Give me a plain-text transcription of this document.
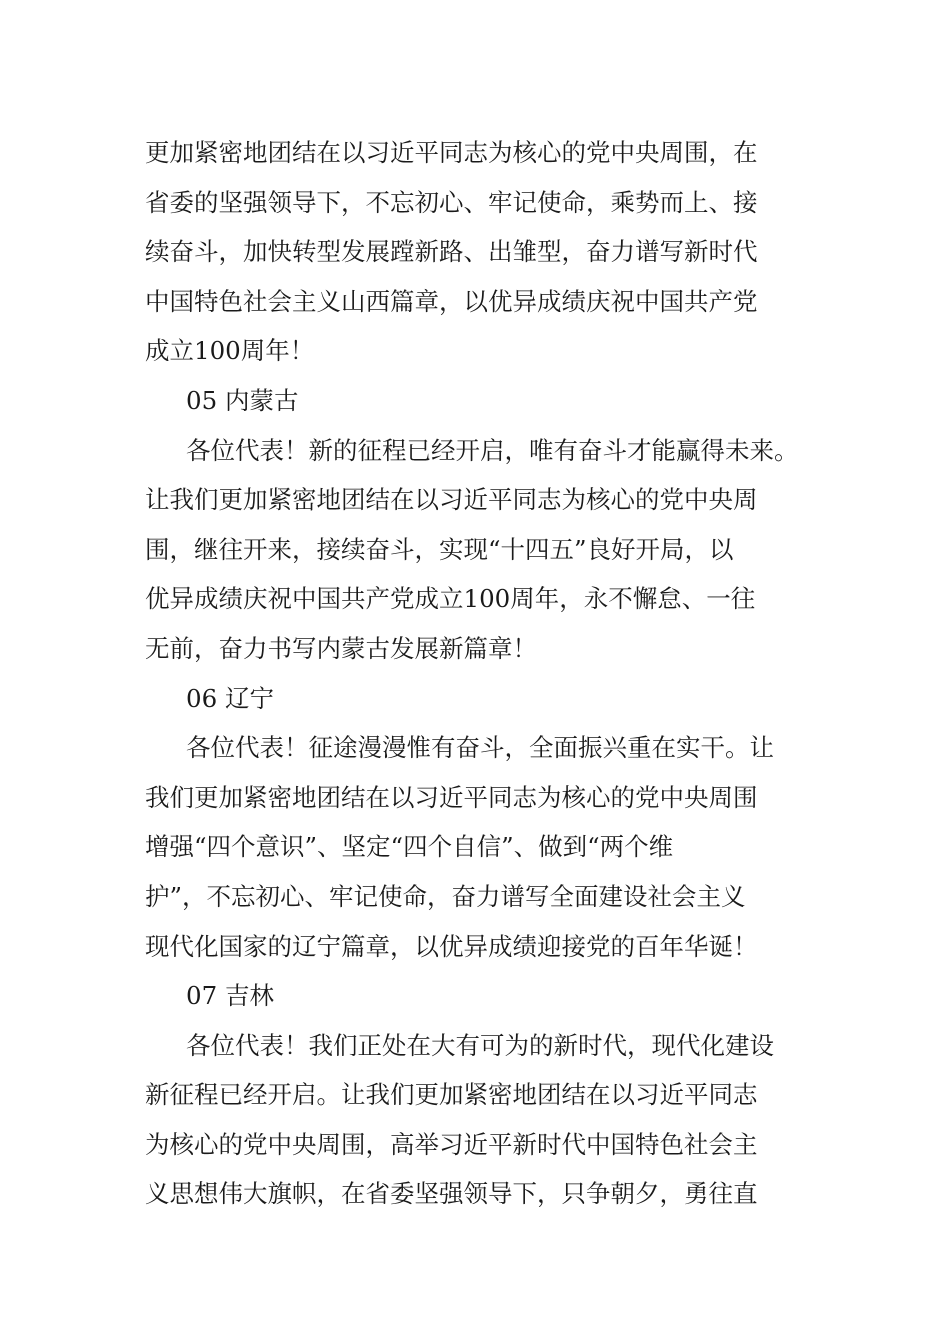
更加紧密地团结在以习近平同志为核心的党中央周围，在
省委的坚强领导下，不忘初心、牢记使命，乘势而上、接
续奋斗，加快转型发展蹚新路、出雏型，奋力谱写新时代
中国特色社会主义山西篇章，以优异成绩庆祝中国共产党
成立100周年！
05 内蒙古
各位代表！新的征程已经开启，唯有奋斗才能赢得未来。
让我们更加紧密地团结在以习近平同志为核心的党中央周
围，继往开来，接续奋斗，实现“十四五”良好开局，以
优异成绩庆祝中国共产党成立100周年，永不懈怠、一往
无前，奋力书写内蒙古发展新篇章！
06 辽宁
各位代表！征途漫漫惟有奋斗，全面振兴重在实干。让
我们更加紧密地团结在以习近平同志为核心的党中央周围
增强“四个意识”、坚定“四个自信”、做到“两个维
护”，不忘初心、牢记使命，奋力谱写全面建设社会主义
现代化国家的辽宁篇章，以优异成绩迎接党的百年华诞！
07 吉林
各位代表！我们正处在大有可为的新时代，现代化建设
新征程已经开启。让我们更加紧密地团结在以习近平同志
为核心的党中央周围，高举习近平新时代中国特色社会主
义思想伟大旗帜，在省委坚强领导下，只争朝夕，勇往直
